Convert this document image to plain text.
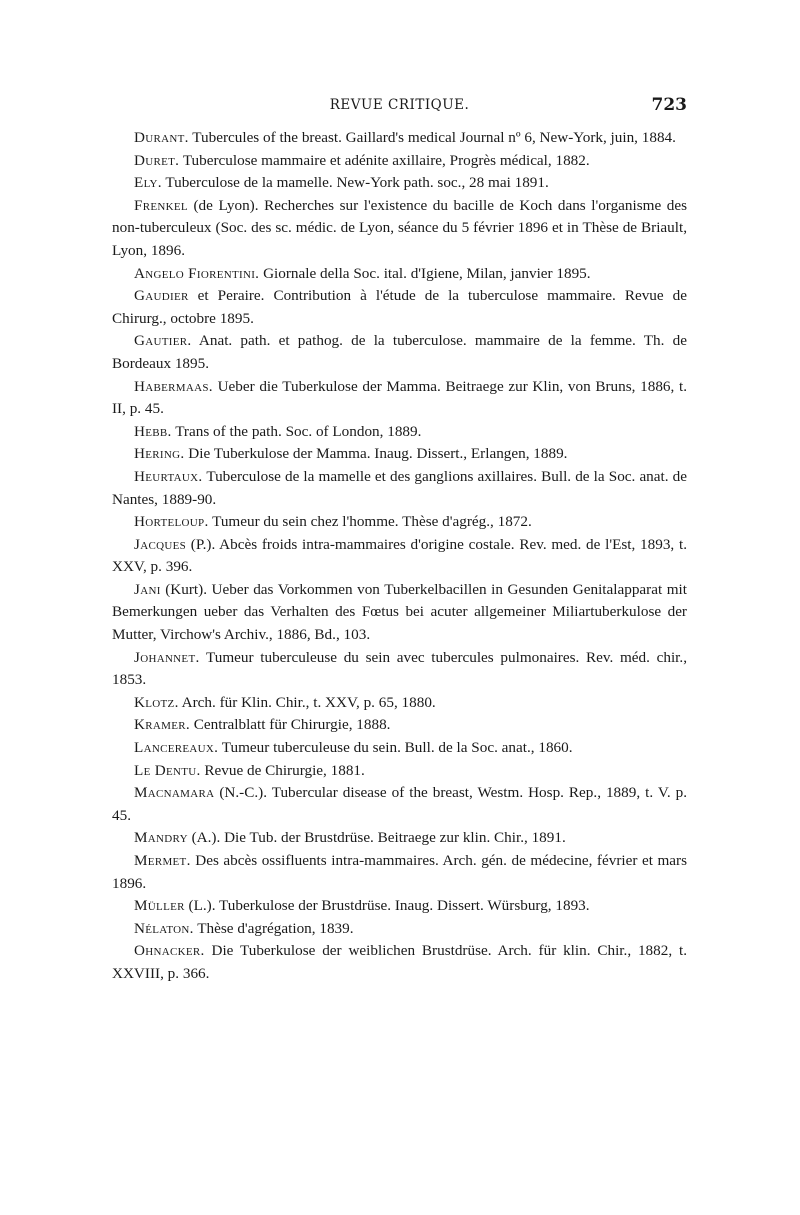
REVUE CRITIQUE.	723

Durant. Tubercules of the breast. Gaillard's medical Journal nº 6, New-York, juin, 1884.

Duret. Tuberculose mammaire et adénite axillaire, Progrès médical, 1882.

Ely. Tuberculose de la mamelle. New-York path. soc., 28 mai 1891.

Frenkel (de Lyon). Recherches sur l'existence du bacille de Koch dans l'organisme des non-tuberculeux (Soc. des sc. médic. de Lyon, séance du 5 février 1896 et in Thèse de Briault, Lyon, 1896.

Angelo Fiorentini. Giornale della Soc. ital. d'Igiene, Milan, janvier 1895.

Gaudier et Peraire. Contribution à l'étude de la tuberculose mammaire. Revue de Chirurg., octobre 1895.

Gautier. Anat. path. et pathog. de la tuberculose. mammaire de la femme. Th. de Bordeaux 1895.

Habermaas. Ueber die Tuberkulose der Mamma. Beitraege zur Klin, von Bruns, 1886, t. II, p. 45.

Hebb. Trans of the path. Soc. of London, 1889.

Hering. Die Tuberkulose der Mamma. Inaug. Dissert., Erlangen, 1889.

Heurtaux. Tuberculose de la mamelle et des ganglions axillaires. Bull. de la Soc. anat. de Nantes, 1889-90.

Horteloup. Tumeur du sein chez l'homme. Thèse d'agrég., 1872.

Jacques (P.). Abcès froids intra-mammaires d'origine costale. Rev. med. de l'Est, 1893, t. XXV, p. 396.

Jani (Kurt). Ueber das Vorkommen von Tuberkelbacillen in Gesunden Genitalapparat mit Bemerkungen ueber das Verhalten des Fœtus bei acuter allgemeiner Miliartuberkulose der Mutter, Virchow's Archiv., 1886, Bd., 103.

Johannet. Tumeur tuberculeuse du sein avec tubercules pulmonaires. Rev. méd. chir., 1853.

Klotz. Arch. für Klin. Chir., t. XXV, p. 65, 1880.

Kramer. Centralblatt für Chirurgie, 1888.

Lancereaux. Tumeur tuberculeuse du sein. Bull. de la Soc. anat., 1860.

Le Dentu. Revue de Chirurgie, 1881.

Macnamara (N.-C.). Tubercular disease of the breast, Westm. Hosp. Rep., 1889, t. V. p. 45.

Mandry (A.). Die Tub. der Brustdrüse. Beitraege zur klin. Chir., 1891.

Mermet. Des abcès ossifluents intra-mammaires. Arch. gén. de médecine, février et mars 1896.

Müller (L.). Tuberkulose der Brustdrüse. Inaug. Dissert. Würsburg, 1893.

Nélaton. Thèse d'agrégation, 1839.

Ohnacker. Die Tuberkulose der weiblichen Brustdrüse. Arch. für klin. Chir., 1882, t. XXVIII, p. 366.
